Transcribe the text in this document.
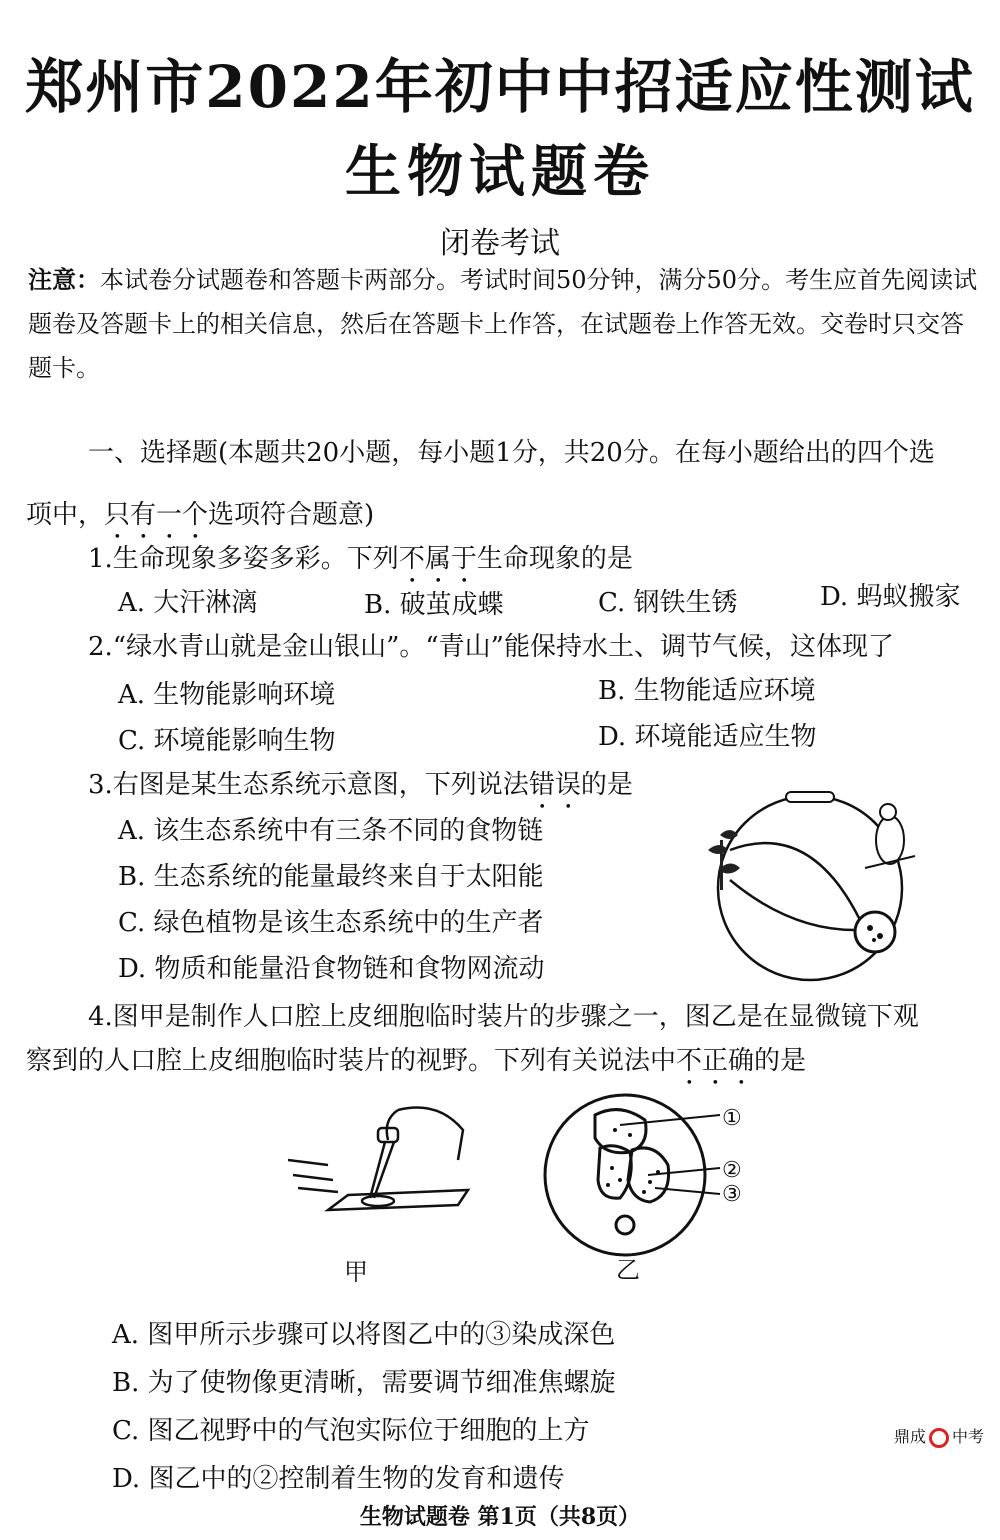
郑州市2022年初中中招适应性测试
生物试题卷
闭卷考试
注意：本试卷分试题卷和答题卡两部分。考试时间50分钟，满分50分。考生应首先阅读试题卷及答题卡上的相关信息，然后在答题卡上作答，在试题卷上作答无效。交卷时只交答题卡。
一、选择题(本题共20小题，每小题1分，共20分。在每小题给出的四个选
项中，只有一个选项符合题意)
1.生命现象多姿多彩。下列不属于生命现象的是
A. 大汗淋漓	B. 破茧成蝶	C. 钢铁生锈	D. 蚂蚁搬家
2.“绿水青山就是金山银山”。“青山”能保持水土、调节气候，这体现了
A. 生物能影响环境	B. 生物能适应环境
C. 环境能影响生物	D. 环境能适应生物
3.右图是某生态系统示意图，下列说法错误的是
A. 该生态系统中有三条不同的食物链
B. 生态系统的能量最终来自于太阳能
C. 绿色植物是该生态系统中的生产者
D. 物质和能量沿食物链和食物网流动
4.图甲是制作人口腔上皮细胞临时装片的步骤之一，图乙是在显微镜下观
察到的人口腔上皮细胞临时装片的视野。下列有关说法中不正确的是
甲
①
②
③
乙
A. 图甲所示步骤可以将图乙中的③染成深色
B. 为了使物像更清晰，需要调节细准焦螺旋
C. 图乙视野中的气泡实际位于细胞的上方
D. 图乙中的②控制着生物的发育和遗传
鼎成 中考
生物试题卷 第1页（共8页）
